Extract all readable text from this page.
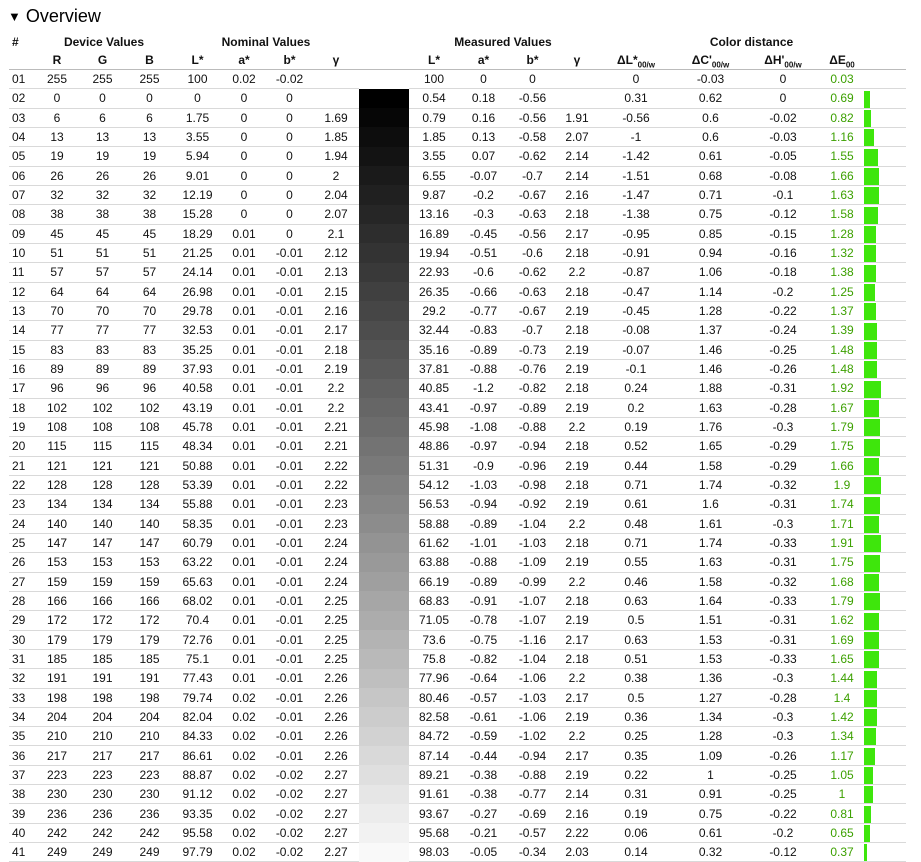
▼ Overview
#	Device Values			Nominal Values					Measured Values				Color distance				
	R	G	B	L*	a*	b*	γ		L*	a*	b*	γ	$\Delta L*_{00/w}$	$\Delta C'_{00/w}$	$\Delta H'_{00/w}$	$\Delta E_{00}$	
01	255	255	255	100	0.02	-0.02			100	0	0		0	-0.03	0	0.03	
02	0	0	0	0	0	0			0.54	0.18	-0.56		0.31	0.62	0	0.69	
03	6	6	6	1.75	0	0	1.69		0.79	0.16	-0.56	1.91	-0.56	0.6	-0.02	0.82	
04	13	13	13	3.55	0	0	1.85		1.85	0.13	-0.58	2.07	-1	0.6	-0.03	1.16	
05	19	19	19	5.94	0	0	1.94		3.55	0.07	-0.62	2.14	-1.42	0.61	-0.05	1.55	
06	26	26	26	9.01	0	0	2		6.55	-0.07	-0.7	2.14	-1.51	0.68	-0.08	1.66	
07	32	32	32	12.19	0	0	2.04		9.87	-0.2	-0.67	2.16	-1.47	0.71	-0.1	1.63	
08	38	38	38	15.28	0	0	2.07		13.16	-0.3	-0.63	2.18	-1.38	0.75	-0.12	1.58	
09	45	45	45	18.29	0.01	0	2.1		16.89	-0.45	-0.56	2.17	-0.95	0.85	-0.15	1.28	
10	51	51	51	21.25	0.01	-0.01	2.12		19.94	-0.51	-0.6	2.18	-0.91	0.94	-0.16	1.32	
11	57	57	57	24.14	0.01	-0.01	2.13		22.93	-0.6	-0.62	2.2	-0.87	1.06	-0.18	1.38	
12	64	64	64	26.98	0.01	-0.01	2.15		26.35	-0.66	-0.63	2.18	-0.47	1.14	-0.2	1.25	
13	70	70	70	29.78	0.01	-0.01	2.16		29.2	-0.77	-0.67	2.19	-0.45	1.28	-0.22	1.37	
14	77	77	77	32.53	0.01	-0.01	2.17		32.44	-0.83	-0.7	2.18	-0.08	1.37	-0.24	1.39	
15	83	83	83	35.25	0.01	-0.01	2.18		35.16	-0.89	-0.73	2.19	-0.07	1.46	-0.25	1.48	
16	89	89	89	37.93	0.01	-0.01	2.19		37.81	-0.88	-0.76	2.19	-0.1	1.46	-0.26	1.48	
17	96	96	96	40.58	0.01	-0.01	2.2		40.85	-1.2	-0.82	2.18	0.24	1.88	-0.31	1.92	
18	102	102	102	43.19	0.01	-0.01	2.2		43.41	-0.97	-0.89	2.19	0.2	1.63	-0.28	1.67	
19	108	108	108	45.78	0.01	-0.01	2.21		45.98	-1.08	-0.88	2.2	0.19	1.76	-0.3	1.79	
20	115	115	115	48.34	0.01	-0.01	2.21		48.86	-0.97	-0.94	2.18	0.52	1.65	-0.29	1.75	
21	121	121	121	50.88	0.01	-0.01	2.22		51.31	-0.9	-0.96	2.19	0.44	1.58	-0.29	1.66	
22	128	128	128	53.39	0.01	-0.01	2.22		54.12	-1.03	-0.98	2.18	0.71	1.74	-0.32	1.9	
23	134	134	134	55.88	0.01	-0.01	2.23		56.53	-0.94	-0.92	2.19	0.61	1.6	-0.31	1.74	
24	140	140	140	58.35	0.01	-0.01	2.23		58.88	-0.89	-1.04	2.2	0.48	1.61	-0.3	1.71	
25	147	147	147	60.79	0.01	-0.01	2.24		61.62	-1.01	-1.03	2.18	0.71	1.74	-0.33	1.91	
26	153	153	153	63.22	0.01	-0.01	2.24		63.88	-0.88	-1.09	2.19	0.55	1.63	-0.31	1.75	
27	159	159	159	65.63	0.01	-0.01	2.24		66.19	-0.89	-0.99	2.2	0.46	1.58	-0.32	1.68	
28	166	166	166	68.02	0.01	-0.01	2.25		68.83	-0.91	-1.07	2.18	0.63	1.64	-0.33	1.79	
29	172	172	172	70.4	0.01	-0.01	2.25		71.05	-0.78	-1.07	2.19	0.5	1.51	-0.31	1.62	
30	179	179	179	72.76	0.01	-0.01	2.25		73.6	-0.75	-1.16	2.17	0.63	1.53	-0.31	1.69	
31	185	185	185	75.1	0.01	-0.01	2.25		75.8	-0.82	-1.04	2.18	0.51	1.53	-0.33	1.65	
32	191	191	191	77.43	0.01	-0.01	2.26		77.96	-0.64	-1.06	2.2	0.38	1.36	-0.3	1.44	
33	198	198	198	79.74	0.02	-0.01	2.26		80.46	-0.57	-1.03	2.17	0.5	1.27	-0.28	1.4	
34	204	204	204	82.04	0.02	-0.01	2.26		82.58	-0.61	-1.06	2.19	0.36	1.34	-0.3	1.42	
35	210	210	210	84.33	0.02	-0.01	2.26		84.72	-0.59	-1.02	2.2	0.25	1.28	-0.3	1.34	
36	217	217	217	86.61	0.02	-0.01	2.26		87.14	-0.44	-0.94	2.17	0.35	1.09	-0.26	1.17	
37	223	223	223	88.87	0.02	-0.02	2.27		89.21	-0.38	-0.88	2.19	0.22	1	-0.25	1.05	
38	230	230	230	91.12	0.02	-0.02	2.27		91.61	-0.38	-0.77	2.14	0.31	0.91	-0.25	1	
39	236	236	236	93.35	0.02	-0.02	2.27		93.67	-0.27	-0.69	2.16	0.19	0.75	-0.22	0.81	
40	242	242	242	95.58	0.02	-0.02	2.27		95.68	-0.21	-0.57	2.22	0.06	0.61	-0.2	0.65	
41	249	249	249	97.79	0.02	-0.02	2.27		98.03	-0.05	-0.34	2.03	0.14	0.32	-0.12	0.37	
